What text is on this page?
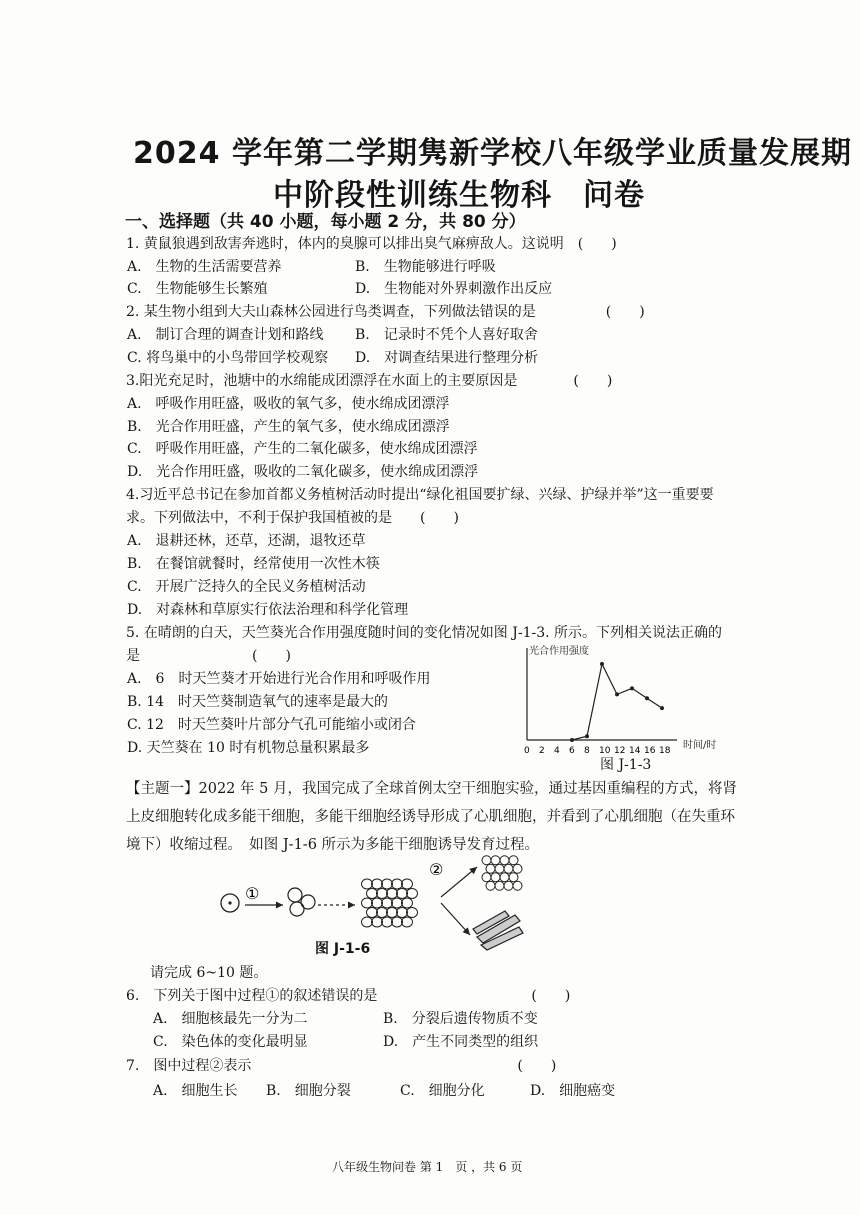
2024 学年第二学期隽新学校八年级学业质量发展期
中阶段性训练生物科　问卷
一、选择题（共 40 小题，每小题 2 分，共 80 分）
1. 黄鼠狼遇到敌害奔逃时，体内的臭腺可以排出臭气麻痹敌人。这说明　(　　)
A.　生物的生活需要营养	B.　生物能够进行呼吸
C.　生物能够生长繁殖	D.　生物能对外界刺激作出反应
2. 某生物小组到大夫山森林公园进行鸟类调查，下列做法错误的是　　　　　(　　)
A.　制订合理的调查计划和路线 B.　记录时不凭个人喜好取舍
C. 将鸟巢中的小鸟带回学校观察 D.　对调查结果进行整理分析
3.阳光充足时，池塘中的水绵能成团漂浮在水面上的主要原因是　　　　(　　)
A.　呼吸作用旺盛，吸收的氧气多，使水绵成团漂浮
B.　光合作用旺盛，产生的氧气多，使水绵成团漂浮
C.　呼吸作用旺盛，产生的二氧化碳多，使水绵成团漂浮
D.　光合作用旺盛，吸收的二氧化碳多，使水绵成团漂浮
4.习近平总书记在参加首都义务植树活动时提出“绿化祖国要扩绿、兴绿、护绿并举”这一重要要
求。下列做法中，不利于保护我国植被的是　　(　　)
A.　退耕还林，还草，还湖，退牧还草
B.　在餐馆就餐时，经常使用一次性木筷
C.　开展广泛持久的全民义务植树活动
D.　对森林和草原实行依法治理和科学化管理
5. 在晴朗的白天，天竺葵光合作用强度随时间的变化情况如图 J-1-3. 所示。下列相关说法正确的
是　　　　　　　　(　　)
A.　6　时天竺葵才开始进行光合作用和呼吸作用
B. 14　时天竺葵制造氧气的速率是最大的
C. 12　时天竺葵叶片部分气孔可能缩小或闭合
D. 天竺葵在 10 时有机物总量积累最多
光合作用强度
时间/时
0 2 4 6 8 10 12 14 16 18
图 J-1-3
【主题一】2022 年 5 月，我国完成了全球首例太空干细胞实验，通过基因重编程的方式，将肾上皮细胞转化成多能干细胞，多能干细胞经诱导形成了心肌细胞，并看到了心肌细胞（在失重环境下）收缩过程。　如图 J-1-6 所示为多能干细胞诱导发育过程。
①
②
图 J-1-6
请完成 6~10 题。
6.　下列关于图中过程①的叙述错误的是　　　　　　　　　　　(　　)
A.　细胞核最先一分为二	B.　分裂后遗传物质不变
C.　染色体的变化最明显	D.　产生不同类型的组织
7.　图中过程②表示　　　　　　　　　　　　　　　　　　　(　　)
A.　细胞生长 B.　细胞分裂	C.　细胞分化	D.　细胞癌变
八年级生物问卷 第 1　页 ，共 6 页
